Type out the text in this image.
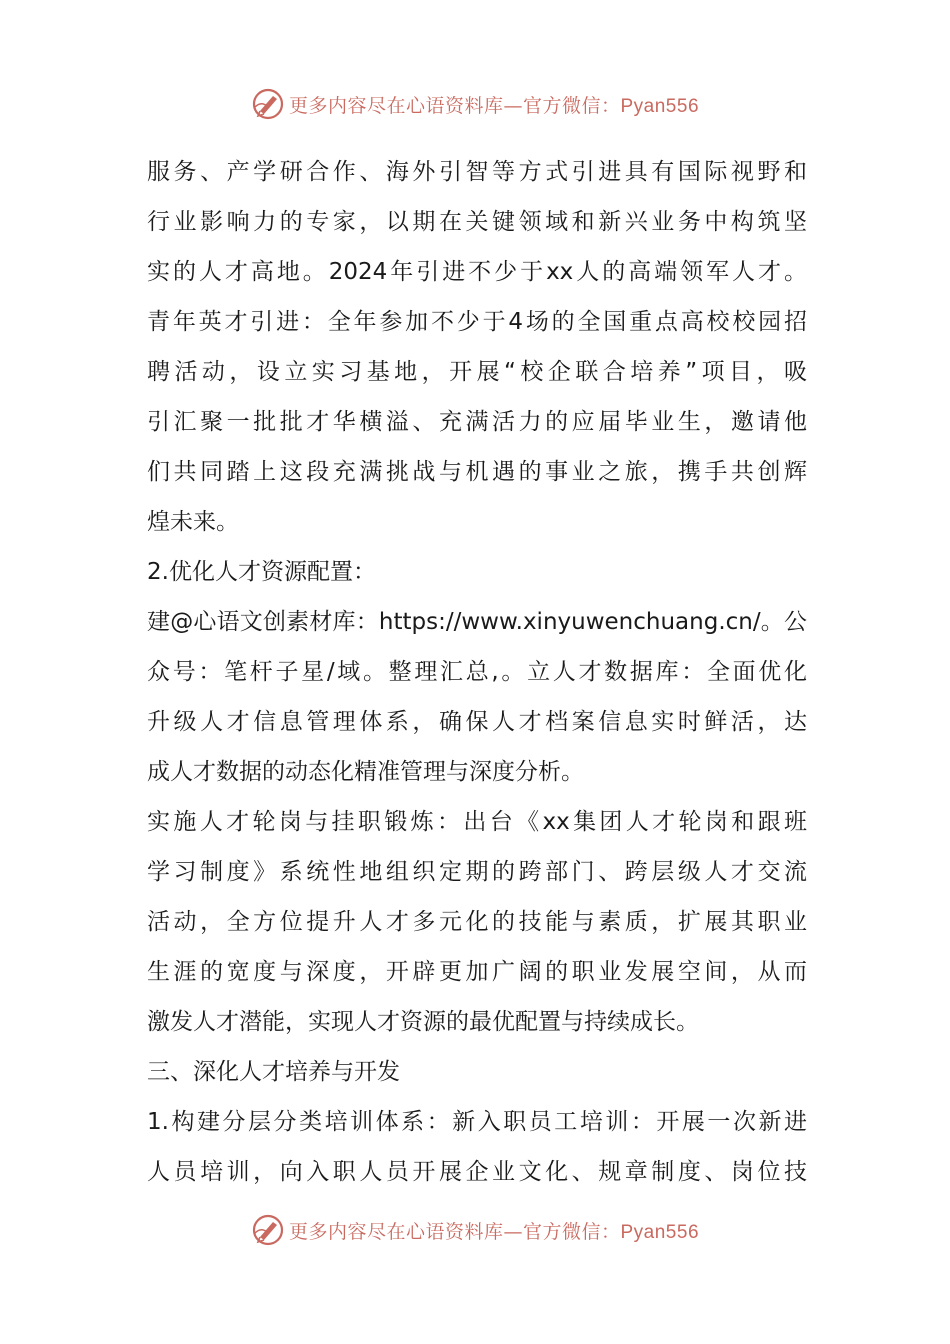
更多内容尽在心语资料库—官方微信：Pyan556
服务、产学研合作、海外引智等方式引进具有国际视野和
行业影响力的专家，以期在关键领域和新兴业务中构筑坚
实的人才高地。2024年引进不少于xx人的高端领军人才。
青年英才引进：全年参加不少于4场的全国重点高校校园招
聘活动，设立实习基地，开展“校企联合培养”项目，吸
引汇聚一批批才华横溢、充满活力的应届毕业生，邀请他
们共同踏上这段充满挑战与机遇的事业之旅，携手共创辉
煌未来。
2.优化人才资源配置：
建@心语文创素材库：https://www.xinyuwenchuang.cn/。公
众号：笔杆子星/域。整理汇总,。立人才数据库：全面优化
升级人才信息管理体系，确保人才档案信息实时鲜活，达
成人才数据的动态化精准管理与深度分析。
实施人才轮岗与挂职锻炼：出台《xx集团人才轮岗和跟班
学习制度》系统性地组织定期的跨部门、跨层级人才交流
活动，全方位提升人才多元化的技能与素质，扩展其职业
生涯的宽度与深度，开辟更加广阔的职业发展空间，从而
激发人才潜能，实现人才资源的最优配置与持续成长。
三、深化人才培养与开发
1.构建分层分类培训体系：新入职员工培训：开展一次新进
人员培训，向入职人员开展企业文化、规章制度、岗位技
更多内容尽在心语资料库—官方微信：Pyan556
